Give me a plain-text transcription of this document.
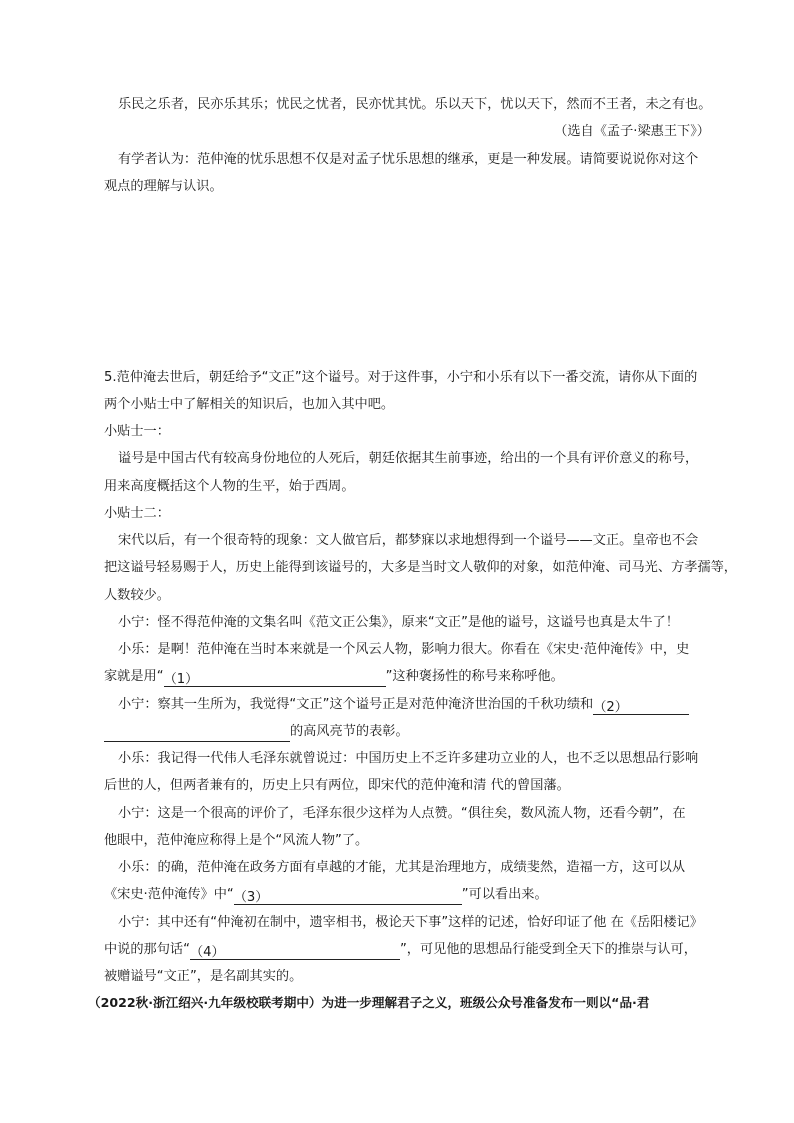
乐民之乐者，民亦乐其乐；忧民之忧者，民亦忧其忧。乐以天下，忧以天下，然而不王者，未之有也。
（选自《孟子·梁惠王下》）
有学者认为：范仲淹的忧乐思想不仅是对孟子忧乐思想的继承，更是一种发展。请简要说说你对这个
观点的理解与认识。
5.范仲淹去世后，朝廷给予“文正”这个谥号。对于这件事，小宁和小乐有以下一番交流，请你从下面的
两个小贴士中了解相关的知识后，也加入其中吧。
小贴士一：
谥号是中国古代有较高身份地位的人死后，朝廷依据其生前事迹，给出的一个具有评价意义的称号，
用来高度概括这个人物的生平，始于西周。
小贴士二：
宋代以后，有一个很奇特的现象：文人做官后，都梦寐以求地想得到一个谥号——文正。皇帝也不会
把这谥号轻易赐于人，历史上能得到该谥号的，大多是当时文人敬仰的对象，如范仲淹、司马光、方孝孺等，
人数较少。
小宁：怪不得范仲淹的文集名叫《范文正公集》，原来“文正”是他的谥号，这谥号也真是太牛了！
小乐：是啊！范仲淹在当时本来就是一个风云人物，影响力很大。你看在《宋史·范仲淹传》中，史
家就是用“（1）	”这种褒扬性的称号来称呼他。
小宁：察其一生所为，我觉得“文正”这个谥号正是对范仲淹济世治国的千秋功绩和（2）
的高风亮节的表彰。
小乐：我记得一代伟人毛泽东就曾说过：中国历史上不乏许多建功立业的人，也不乏以思想品行影响
后世的人，但两者兼有的，历史上只有两位，即宋代的范仲淹和清 代的曾国藩。
小宁：这是一个很高的评价了，毛泽东很少这样为人点赞。“俱往矣，数风流人物，还看今朝”，在
他眼中，范仲淹应称得上是个“风流人物”了。
小乐：的确，范仲淹在政务方面有卓越的才能，尤其是治理地方，成绩斐然，造福一方，这可以从
《宋史·范仲淹传》中“（3）	”可以看出来。
小宁：其中还有“仲淹初在制中，遗宰相书，极论天下事”这样的记述，恰好印证了他 在《岳阳楼记》
中说的那句话“（4）	”，可见他的思想品行能受到全天下的推崇与认可，
被赠谥号“文正”，是名副其实的。
（2022秋·浙江绍兴·九年级校联考期中）为进一步理解君子之义，班级公众号准备发布一则以“品·君
